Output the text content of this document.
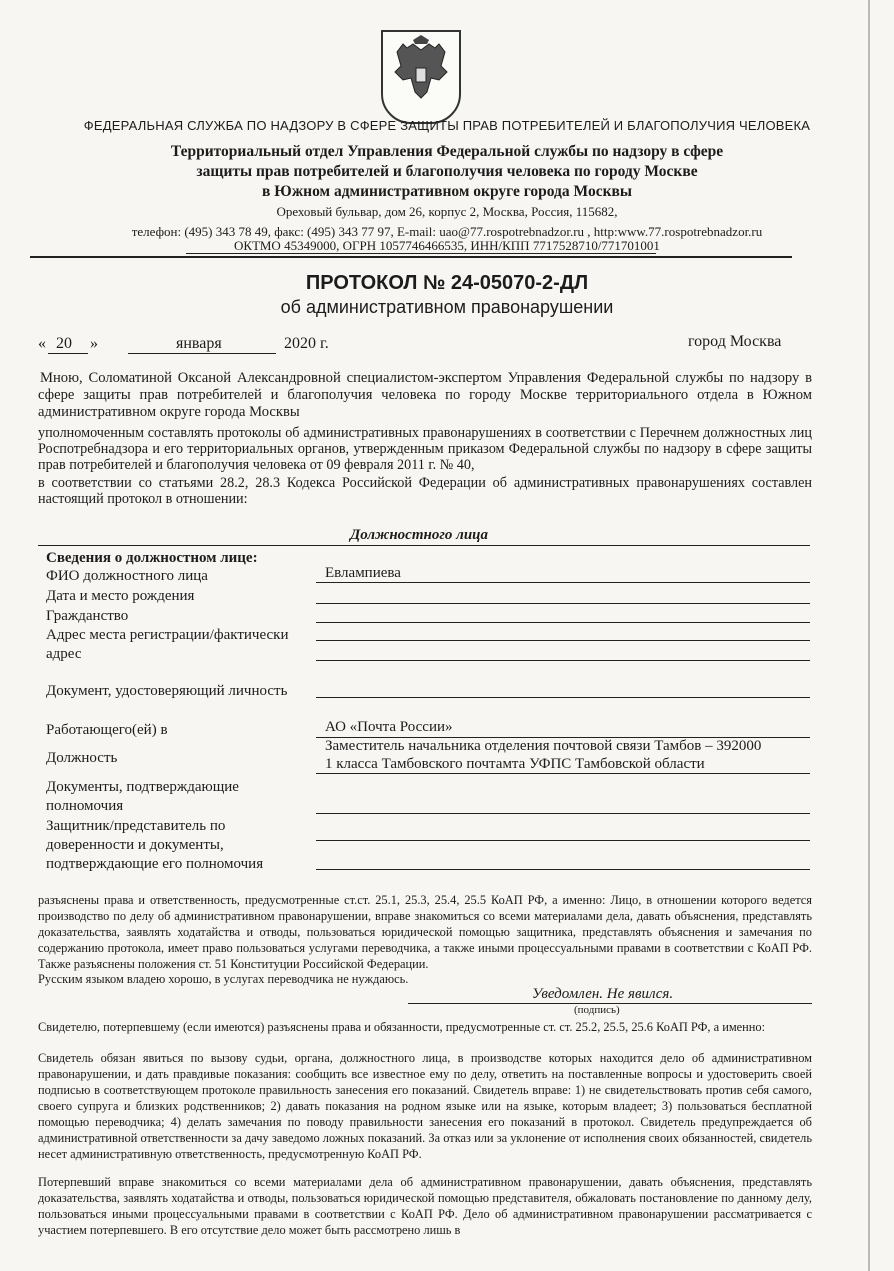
ФЕДЕРАЛЬНАЯ СЛУЖБА ПО НАДЗОРУ В СФЕРЕ ЗАЩИТЫ ПРАВ ПОТРЕБИТЕЛЕЙ И БЛАГОПОЛУЧИЯ ЧЕЛОВЕКА
Территориальный отдел Управления Федеральной службы по надзору в сфере
защиты прав потребителей и благополучия человека по городу Москве
в Южном административном округе города Москвы
Ореховый бульвар, дом 26, корпус 2, Москва, Россия, 115682,
телефон: (495) 343 78 49, факс: (495) 343 77 97, E-mail: uao@77.rospotrebnadzor.ru , http:www.77.rospotrebnadzor.ru
ОКТМО 45349000, ОГРН 1057746466535, ИНН/КПП 7717528710/771701001
ПРОТОКОЛ № 24-05070-2-ДЛ
об административном правонарушении
« 20 »	января	2020 г.	город Москва
Мною, Соломатиной Оксаной Александровной специалистом-экспертом Управления Федеральной службы по надзору в сфере защиты прав потребителей и благополучия человека по городу Москве территориального отдела в Южном административном округе города Москвы
уполномоченным составлять протоколы об административных правонарушениях в соответствии с Перечнем должностных лиц Роспотребнадзора и его территориальных органов, утвержденным приказом Федеральной службы по надзору в сфере защиты прав потребителей и благополучия человека от 09 февраля 2011 г. № 40,
в соответствии со статьями 28.2, 28.3 Кодекса Российской Федерации об административных правонарушениях составлен настоящий протокол в отношении:
Должностного лица
Сведения о должностном лице:
ФИО должностного лица	Евлампиева
Дата и место рождения
Гражданство
Адрес места регистрации/фактически
адрес
Документ, удостоверяющий личность
Работающего(ей) в	АО «Почта России»
Должность
Заместитель начальника отделения почтовой связи Тамбов – 392000
1 класса Тамбовского почтамта УФПС Тамбовской области
Документы, подтверждающие
полномочия
Защитник/представитель по
доверенности и документы,
подтверждающие его полномочия
разъяснены права и ответственность, предусмотренные ст.ст. 25.1, 25.3, 25.4, 25.5 КоАП РФ, а именно: Лицо, в отношении которого ведется производство по делу об административном правонарушении, вправе знакомиться со всеми материалами дела, давать объяснения, представлять доказательства, заявлять ходатайства и отводы, пользоваться юридической помощью защитника, представлять объяснения и замечания по содержанию протокола, имеет право пользоваться услугами переводчика, а также иными процессуальными правами в соответствии с КоАП РФ. Также разъяснены положения ст. 51 Конституции Российской Федерации.
Русским языком владею хорошо, в услугах переводчика не нуждаюсь.
Уведомлен. Не явился.
(подпись)
Свидетелю, потерпевшему (если имеются) разъяснены права и обязанности, предусмотренные ст. ст. 25.2, 25.5, 25.6 КоАП РФ, а именно:
Свидетель обязан явиться по вызову судьи, органа, должностного лица, в производстве которых находится дело об административном правонарушении, и дать правдивые показания: сообщить все известное ему по делу, ответить на поставленные вопросы и удостоверить своей подписью в соответствующем протоколе правильность занесения его показаний. Свидетель вправе: 1) не свидетельствовать против себя самого, своего супруга и близких родственников; 2) давать показания на родном языке или на языке, которым владеет; 3) пользоваться бесплатной помощью переводчика; 4) делать замечания по поводу правильности занесения его показаний в протокол. Свидетель предупреждается об административной ответственности за дачу заведомо ложных показаний. За отказ или за уклонение от исполнения своих обязанностей, свидетель несет административную ответственность, предусмотренную КоАП РФ.
Потерпевший вправе знакомиться со всеми материалами дела об административном правонарушении, давать объяснения, представлять доказательства, заявлять ходатайства и отводы, пользоваться юридической помощью представителя, обжаловать постановление по данному делу, пользоваться иными процессуальными правами в соответствии с КоАП РФ. Дело об административном правонарушении рассматривается с участием потерпевшего. В его отсутствие дело может быть рассмотрено лишь в
